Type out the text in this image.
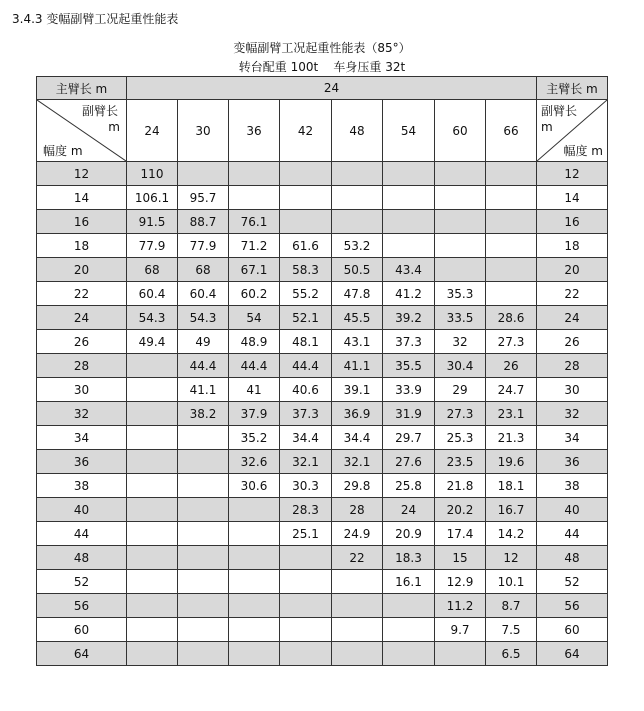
3.4.3 变幅副臂工况起重性能表
变幅副臂工况起重性能表（85°）
转台配重 100t    车身压重 32t
主臂长 m	24								主臂长 m

副臂长
m
幅度 m	24	30	36	42	48	54	60	66	副臂长
m
幅度 m

12	110								12
14	106.1	95.7							14
16	91.5	88.7	76.1						16
18	77.9	77.9	71.2	61.6	53.2				18
20	68	68	67.1	58.3	50.5	43.4			20
22	60.4	60.4	60.2	55.2	47.8	41.2	35.3		22
24	54.3	54.3	54	52.1	45.5	39.2	33.5	28.6	24
26	49.4	49	48.9	48.1	43.1	37.3	32	27.3	26
28		44.4	44.4	44.4	41.1	35.5	30.4	26	28
30		41.1	41	40.6	39.1	33.9	29	24.7	30
32		38.2	37.9	37.3	36.9	31.9	27.3	23.1	32
34			35.2	34.4	34.4	29.7	25.3	21.3	34
36			32.6	32.1	32.1	27.6	23.5	19.6	36
38			30.6	30.3	29.8	25.8	21.8	18.1	38
40				28.3	28	24	20.2	16.7	40
44				25.1	24.9	20.9	17.4	14.2	44
48					22	18.3	15	12	48
52						16.1	12.9	10.1	52
56							11.2	8.7	56
60							9.7	7.5	60
64								6.5	64
